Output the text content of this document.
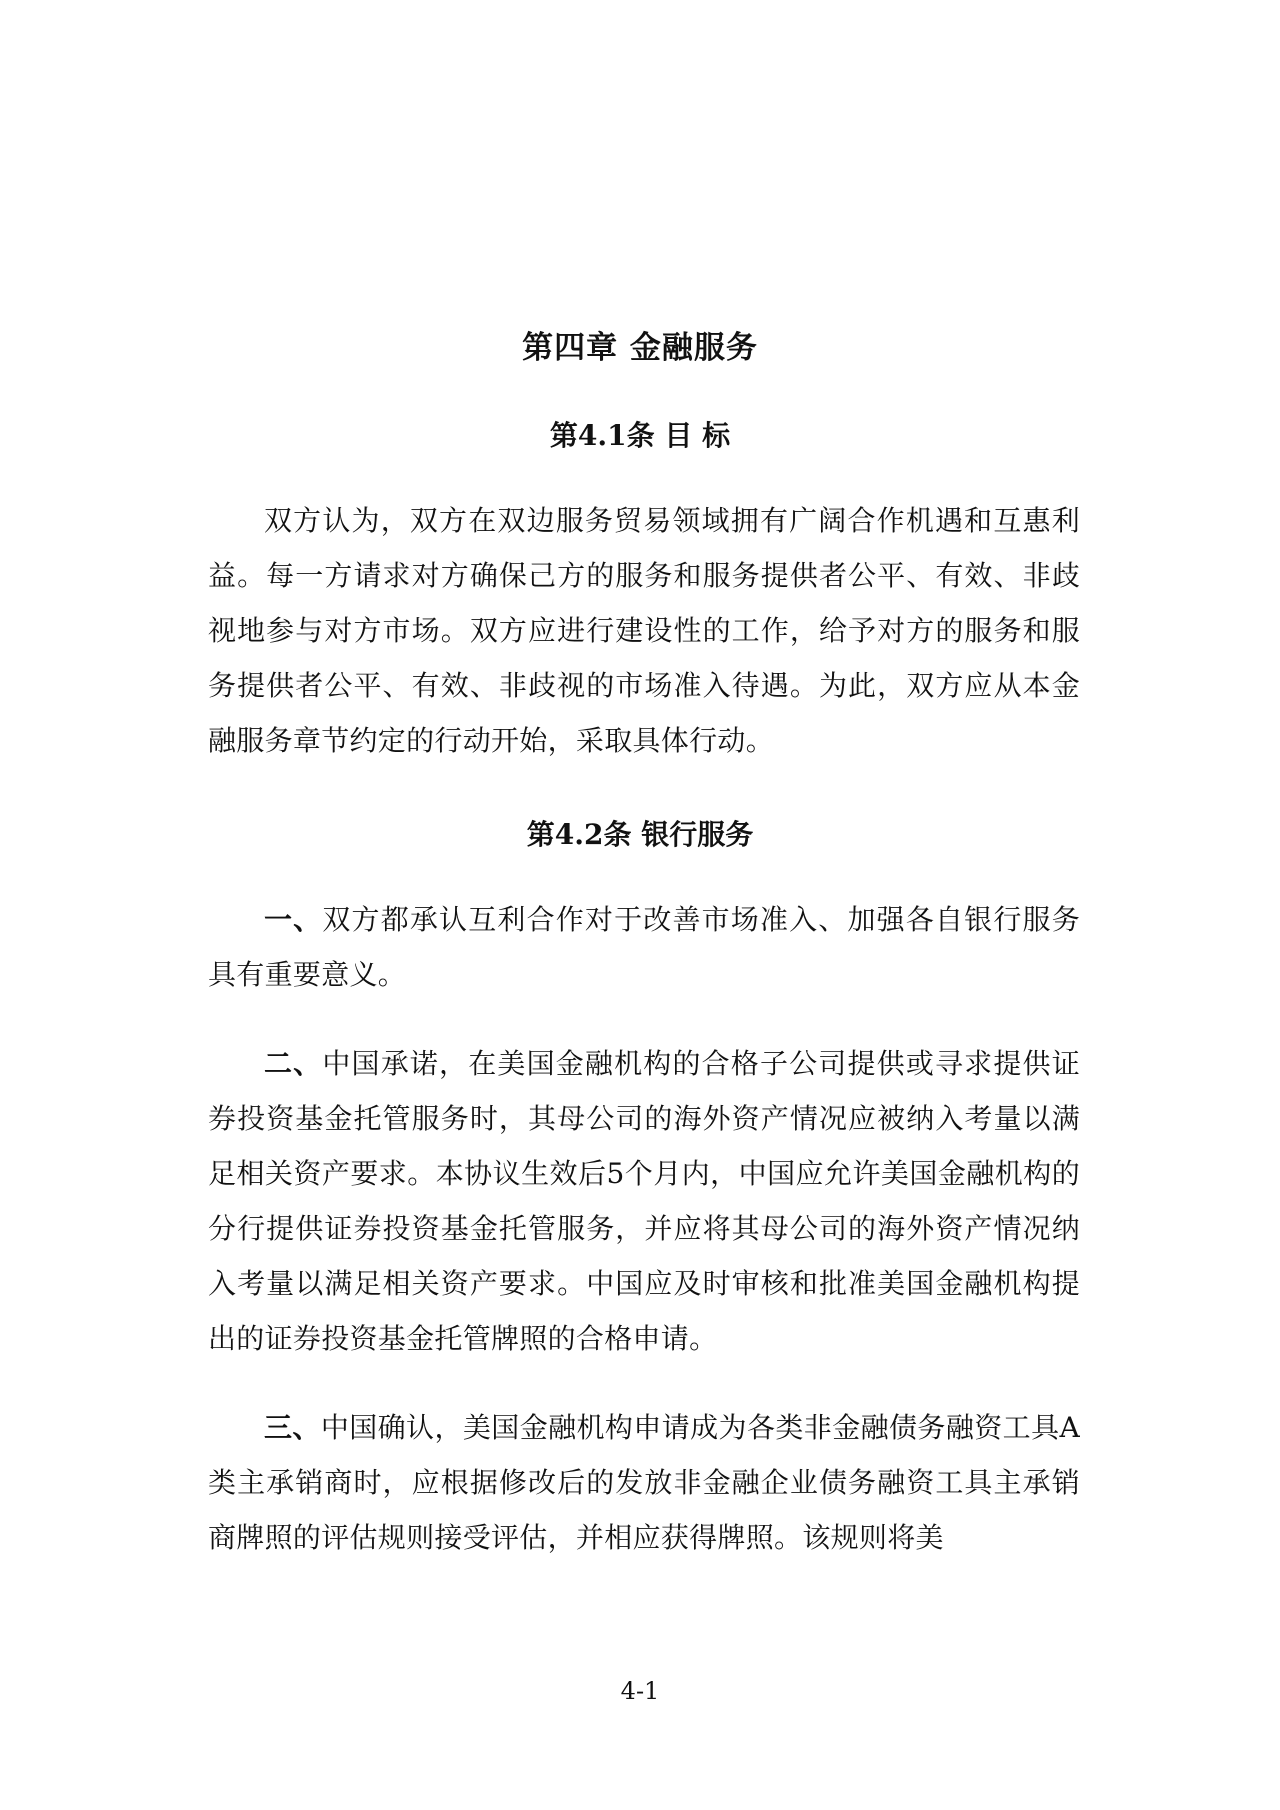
第四章 金融服务
第4.1条 目 标

双方认为，双方在双边服务贸易领域拥有广阔合作机遇和互惠利益。每一方请求对方确保己方的服务和服务提供者公平、有效、非歧视地参与对方市场。双方应进行建设性的工作，给予对方的服务和服务提供者公平、有效、非歧视的市场准入待遇。为此，双方应从本金融服务章节约定的行动开始，采取具体行动。

第4.2条 银行服务

一、双方都承认互利合作对于改善市场准入、加强各自银行服务具有重要意义。

二、中国承诺，在美国金融机构的合格子公司提供或寻求提供证券投资基金托管服务时，其母公司的海外资产情况应被纳入考量以满足相关资产要求。本协议生效后5个月内，中国应允许美国金融机构的分行提供证券投资基金托管服务，并应将其母公司的海外资产情况纳入考量以满足相关资产要求。中国应及时审核和批准美国金融机构提出的证券投资基金托管牌照的合格申请。

三、中国确认，美国金融机构申请成为各类非金融债务融资工具A类主承销商时，应根据修改后的发放非金融企业债务融资工具主承销商牌照的评估规则接受评估，并相应获得牌照。该规则将美

4-1
